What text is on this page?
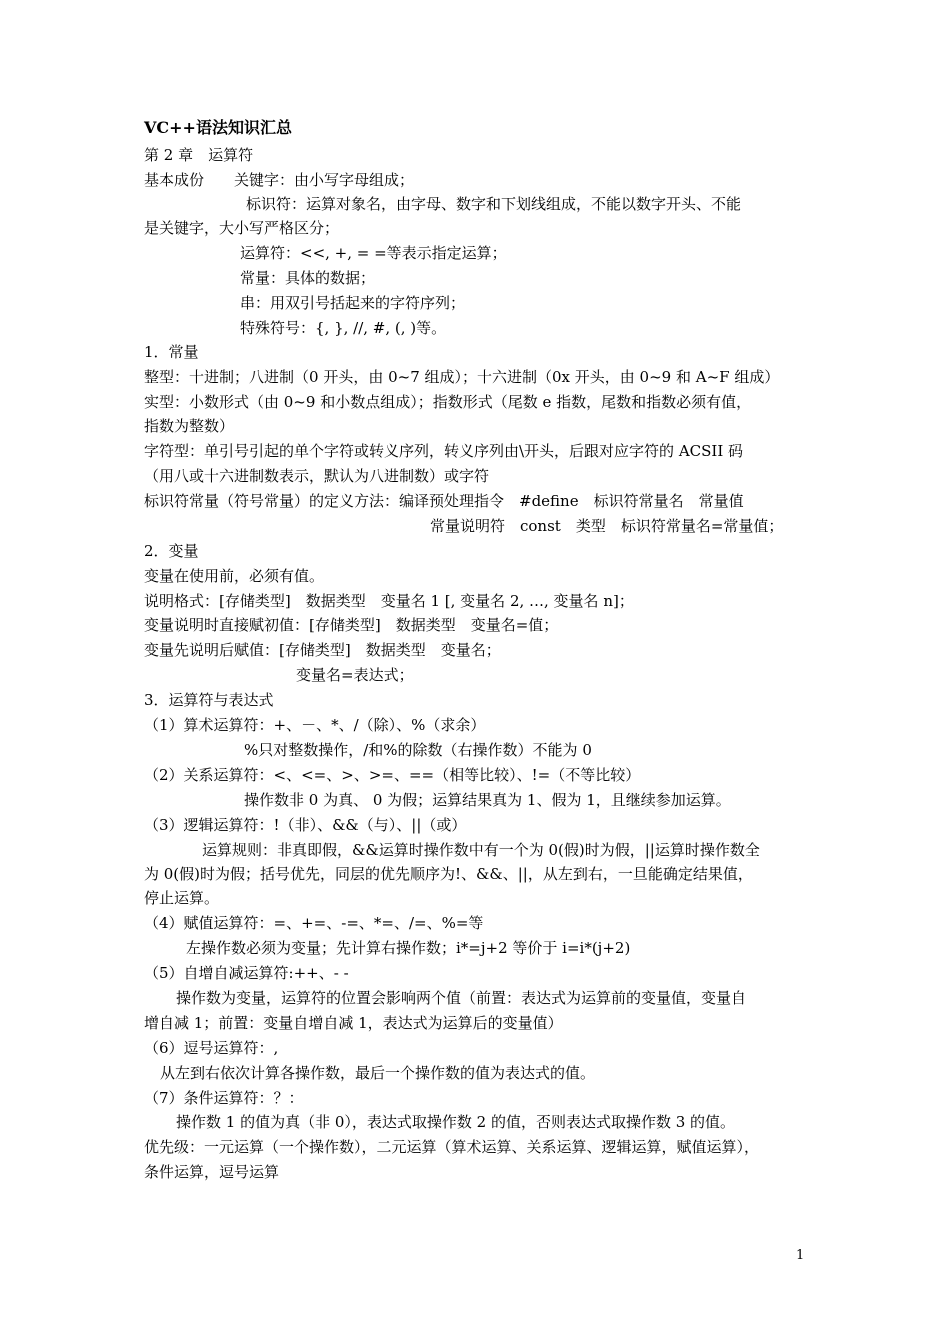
VC++语法知识汇总
第 2 章　运算符
基本成份　　关键字：由小写字母组成；
标识符：运算对象名，由字母、数字和下划线组成，不能以数字开头、不能
是关键字，大小写严格区分；
运算符：<<, +, = =等表示指定运算；
常量：具体的数据；
串：用双引号括起来的字符序列；
特殊符号：{, }, //, #, (, )等。
1．常量
整型：十进制；八进制（0 开头，由 0~7 组成）；十六进制（0x 开头，由 0~9 和 A~F 组成）
实型：小数形式（由 0~9 和小数点组成）；指数形式（尾数 e 指数，尾数和指数必须有值，
指数为整数）
字符型：单引号引起的单个字符或转义序列，转义序列由\开头，后跟对应字符的 ACSII 码
（用八或十六进制数表示，默认为八进制数）或字符
标识符常量（符号常量）的定义方法：编译预处理指令　#define　标识符常量名　常量值
常量说明符　const　类型　标识符常量名=常量值；
2．变量
变量在使用前，必须有值。
说明格式：[存储类型]　数据类型　变量名 1 [, 变量名 2, …, 变量名 n]；
变量说明时直接赋初值：[存储类型]　数据类型　变量名=值；
变量先说明后赋值：[存储类型]　数据类型　变量名；
变量名=表达式；
3．运算符与表达式
（1）算术运算符：+、－、*、/（除）、%（求余）
%只对整数操作，/和%的除数（右操作数）不能为 0
（2）关系运算符：<、<=、>、>=、==（相等比较）、!=（不等比较）
操作数非 0 为真、 0 为假；运算结果真为 1、假为 1，且继续参加运算。
（3）逻辑运算符：!（非）、&&（与）、||（或）
运算规则：非真即假，&&运算时操作数中有一个为 0(假)时为假，||运算时操作数全
为 0(假)时为假；括号优先，同层的优先顺序为!、&&、||，从左到右，一旦能确定结果值，
停止运算。
（4）赋值运算符：=、+=、-=、*=、/=、%=等
左操作数必须为变量；先计算右操作数；i*=j+2 等价于 i=i*(j+2)
（5）自增自减运算符:++、- -
操作数为变量，运算符的位置会影响两个值（前置：表达式为运算前的变量值，变量自
增自减 1；前置：变量自增自减 1，表达式为运算后的变量值）
（6）逗号运算符：,
从左到右依次计算各操作数，最后一个操作数的值为表达式的值。
（7）条件运算符：？：
操作数 1 的值为真（非 0），表达式取操作数 2 的值，否则表达式取操作数 3 的值。
优先级：一元运算（一个操作数），二元运算（算术运算、关系运算、逻辑运算，赋值运算），
条件运算，逗号运算
1
